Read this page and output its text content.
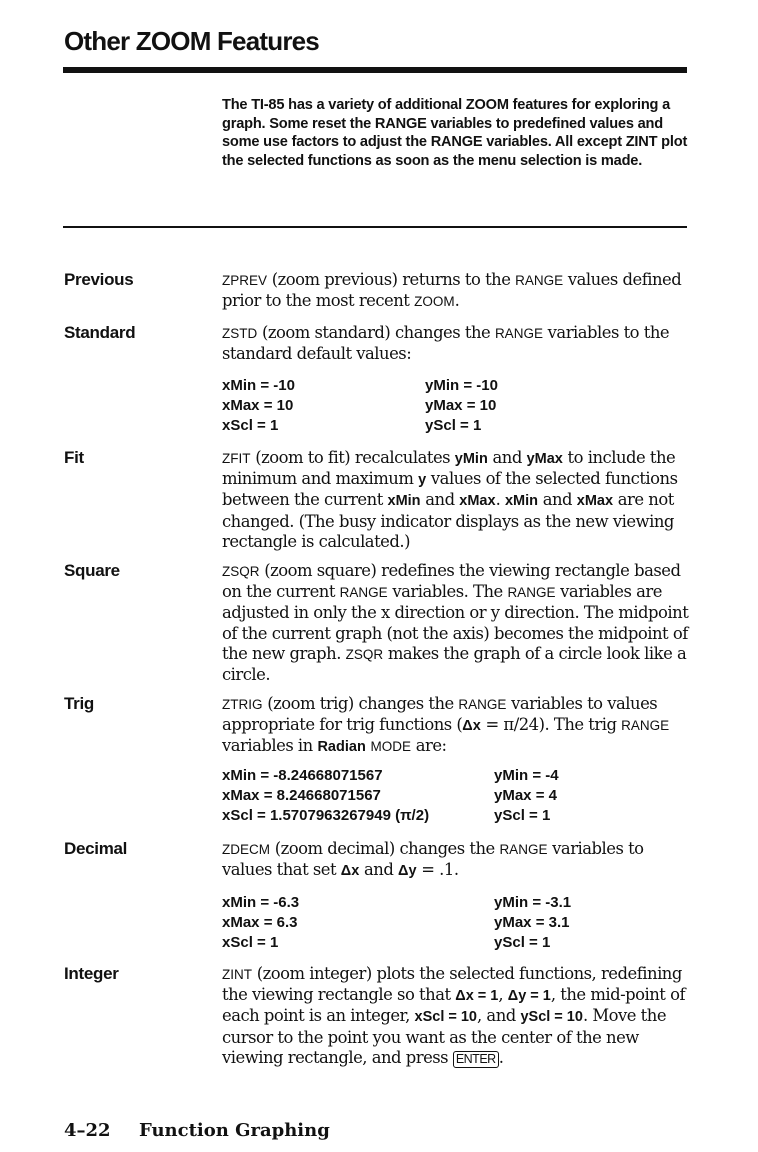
Other ZOOM Features
The TI-85 has a variety of additional ZOOM features for exploring a graph. Some reset the RANGE variables to predefined values and some use factors to adjust the RANGE variables. All except ZINT plot the selected functions as soon as the menu selection is made.
Previous	ZPREV (zoom previous) returns to the RANGE values defined prior to the most recent ZOOM.
Standard	ZSTD (zoom standard) changes the RANGE variables to the standard default values:
xMin = -10	yMin = -10
xMax = 10	yMax = 10
xScl = 1	yScl = 1
Fit	ZFIT (zoom to fit) recalculates yMin and yMax to include the minimum and maximum y values of the selected functions between the current xMin and xMax. xMin and xMax are not changed. (The busy indicator displays as the new viewing rectangle is calculated.)
Square	ZSQR (zoom square) redefines the viewing rectangle based on the current RANGE variables. The RANGE variables are adjusted in only the x direction or y direction. The midpoint of the current graph (not the axis) becomes the midpoint of the new graph. ZSQR makes the graph of a circle look like a circle.
Trig	ZTRIG (zoom trig) changes the RANGE variables to values appropriate for trig functions (Δx = π/24). The trig RANGE variables in Radian MODE are:
xMin = -8.24668071567	yMin = -4
xMax = 8.24668071567	yMax = 4
xScl = 1.5707963267949 (π/2)	yScl = 1
Decimal	ZDECM (zoom decimal) changes the RANGE variables to values that set Δx and Δy = .1.
xMin = -6.3	yMin = -3.1
xMax = 6.3	yMax = 3.1
xScl = 1	yScl = 1
Integer	ZINT (zoom integer) plots the selected functions, redefining the viewing rectangle so that Δx = 1, Δy = 1, the mid-point of each point is an integer, xScl = 10, and yScl = 10. Move the cursor to the point you want as the center of the new viewing rectangle, and press ENTER .
4–22 Function Graphing
